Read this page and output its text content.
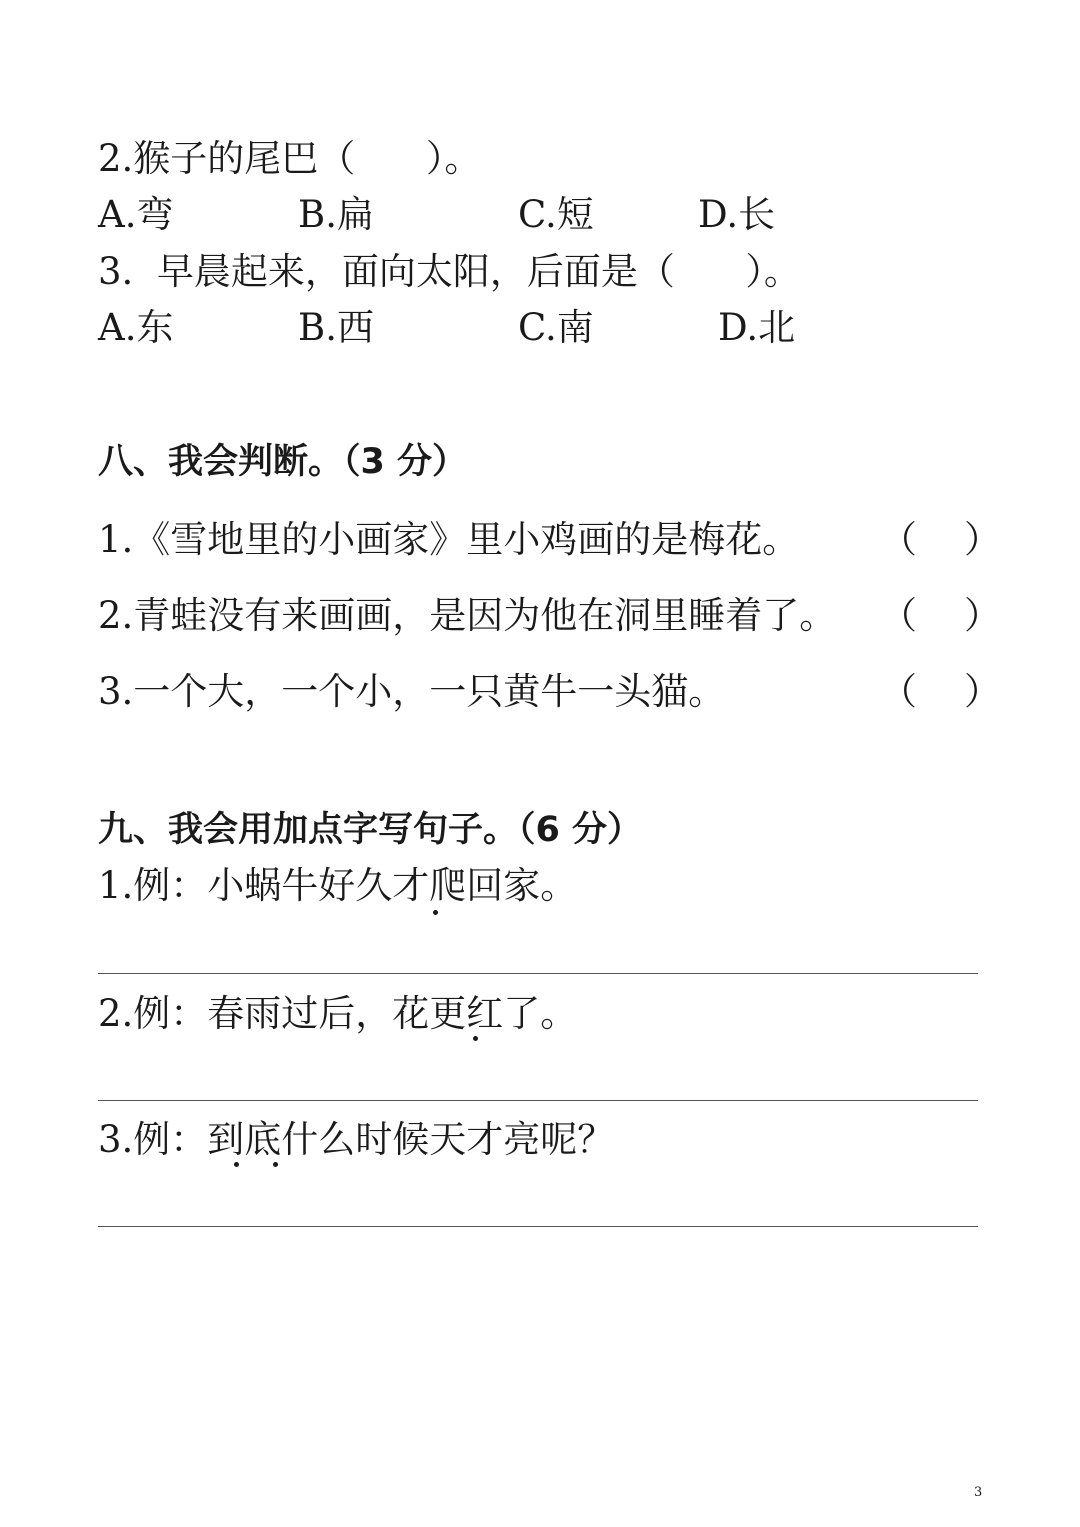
2.猴子的尾巴（      ）。
A.弯	B.扁	C.短	D.长
3.  早晨起来，面向太阳，后面是（      ）。
A.东	B.西	C.南	D.北
八、我会判断。（3 分）
1.《雪地里的小画家》里小鸡画的是梅花。 （    ）
2.青蛙没有来画画，是因为他在洞里睡着了。 （    ）
3.一个大，一个小，一只黄牛一头猫。	（    ）
九、我会用加点字写句子。（6 分）
1.例：小蜗牛好久才爬回家。
2.例：春雨过后，花更红了。
3.例：到底什么时候天才亮呢？
3
